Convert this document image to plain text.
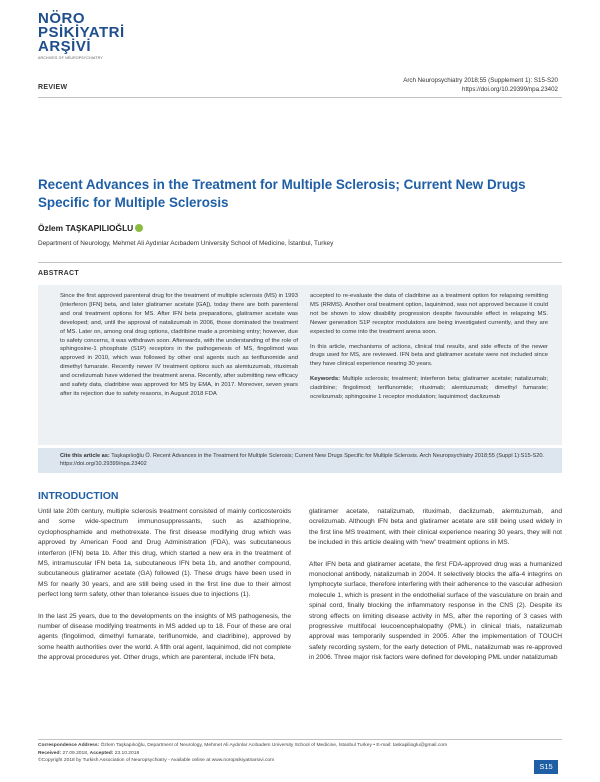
NÖRO
PSİKİYATRİ
ARŞİVİ
ARCHIVES OF NEUROPSYCHIATRY
Arch Neuropsychiatry 2018;55 (Supplement 1): S15-S20
https://doi.org/10.29399/npa.23402
REVIEW
Recent Advances in the Treatment for Multiple Sclerosis; Current New Drugs Specific for Multiple Sclerosis
Özlem TAŞKAPILIOĞLU
Department of Neurology, Mehmet Ali Aydınlar Acıbadem University School of Medicine, İstanbul, Turkey
ABSTRACT

Since the first approved parenteral drug for the treatment of multiple sclerosis (MS) in 1993 (interferon [IFN] beta, and later glatiramer acetate [GA]), today there are both parenteral and oral treatment options for MS. After IFN beta preparations, glatiramer acetate was developed; and, until the approval of natalizumab in 2006, those dominated the treatment of MS. Later on, among oral drug options, cladribine made a promising entry; however, due to safety concerns, it was withdrawn soon. Afterwards, with the understanding of the role of sphingosine-1 phosphate (S1P) receptors in the pathogenesis of MS, fingolimod was approved in 2010, which was followed by other oral agents such as teriflunomide and dimethyl fumarate. Recently newer IV treatment options such as alemtuzumab, rituximab and ocrelizumab have widened the treatment arena. Recently, after submitting new efficacy and safety data, cladribine was approved for MS by EMA, in 2017. Moreover, seven years after its rejection due to safety reasons, in August 2018 FDA

accepted to re-evaluate the data of cladribine as a treatment option for relapsing remitting MS (RRMS). Another oral treatment option, laquinimod, was not approved because it could not be shown to slow disability progression despite favourable effect in relapsing MS. Newer generation S1P receptor modulators are being investigated currently, and they are expected to come into the treatment arena soon.

In this article, mechanisms of actions, clinical trial results, and side effects of the newer drugs used for MS, are reviewed. IFN beta and glatiramer acetate were not included since they have clinical experience nearing 30 years.

Keywords: Multiple sclerosis; treatment; interferon beta; glatiramer acetate; natalizumab; cladribine; fingolimod; teriflunomide; rituximab; alemtuzumab; dimethyl fumarate; ocrelizumab; sphingosine 1 receptor modulation; laquinimod; daclizumab

Cite this article as: Taşkapılıoğlu Ö. Recent Advances in the Treatment for Multiple Sclerosis; Current New Drugs Specific for Multiple Sclerosis. Arch Neuropsychiatry 2018;55 (Suppl 1):S15-S20. https://doi.org/10.29399/npa.23402
INTRODUCTION

Until late 20th century, multiple sclerosis treatment consisted of mainly corticosteroids and some wide-spectrum immunosuppressants, such as azathioprine, cyclophosphamide and methotrexate. The first disease modifying drug which was approved by American Food and Drug Administration (FDA), was subcutaneous interferon (IFN) beta 1b. After this drug, which started a new era in the treatment of MS, intramuscular IFN beta 1a, subcutaneous IFN beta 1b, and another compound, subcutaneous glatiramer acetate (GA) followed (1). These drugs have been used in MS for nearly 30 years, and are still being used in the first line due to their almost perfect long term safety, other than tolerance issues due to injections (1).

In the last 25 years, due to the developments on the insights of MS pathogenesis, the number of disease modifying treatments in MS added up to 18. Four of these are oral agents (fingolimod, dimethyl fumarate, teriflunomide, and cladribine), approved by some health authorities over the world. A fifth oral agent, laquinimod, did not complete the approval procedures yet. Other drugs, which are parenteral, include IFN beta,

glatiramer acetate, natalizumab, rituximab, daclizumab, alemtuzumab, and ocrelizumab. Although IFN beta and glatiramer acetate are still being used widely in the first line MS treatment, with their clinical experience nearing 30 years, they will not be included in this article dealing with “new” treatment options in MS.

After IFN beta and glatiramer acetate, the first FDA-approved drug was a humanized monoclonal antibody, natalizumab in 2004. It selectively blocks the alfa-4 integrins on lymphocyte surface, therefore interfering with their adherence to the vascular adhesion molecule 1, which is present in the endothelial surface of the vasculature on brain and spinal cord, finally blocking the inflammatory response in the CNS (2). Despite its strong effects on limiting disease activity in MS, after the reporting of 3 cases with progressive multifocal leucoencephalopathy (PML) in clinical trials, natalizumab approval was temporarily suspended in 2005. After the implementation of TOUCH safety recording system, for the early detection of PML, natalizumab was re-approved in 2006. Three major risk factors were defined for developing PML under natalizumab

Correspondence Address: Özlem Taşkapılıoğlu, Department of Neurology, Mehmet Ali Aydınlar Acıbadem University School of Medicine, İstanbul Turkey • E-mail: taskapilioglu@gmail.com
Received: 27.09.2018, Accepted: 23.10.2018
©Copyright 2018 by Turkish Association of Neuropsychiatry - Available online at www.noropsikiyatriarsivi.com
S15
